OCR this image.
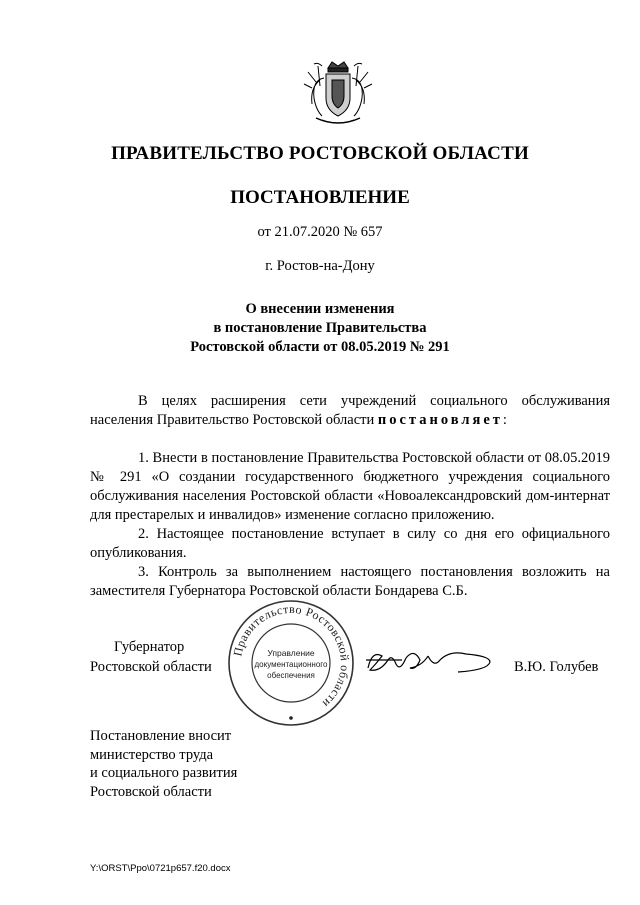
ПРАВИТЕЛЬСТВО РОСТОВСКОЙ ОБЛАСТИ
ПОСТАНОВЛЕНИЕ
от 21.07.2020 № 657
г. Ростов-на-Дону
О внесении изменения
в постановление Правительства
Ростовской области от 08.05.2019 № 291

В целях расширения сети учреждений социального обслуживания населения Правительство Ростовской области постановляет:

1. Внести в постановление Правительства Ростовской области от 08.05.2019 № 291 «О создании государственного бюджетного учреждения социального обслуживания населения Ростовской области «Новоалександровский дом-интернат для престарелых и инвалидов» изменение согласно приложению.

2. Настоящее постановление вступает в силу со дня его официального опубликования.

3. Контроль за выполнением настоящего постановления возложить на заместителя Губернатора Ростовской области Бондарева С.Б.

Губернатор
Ростовской области
Правительство Ростовской области
Управление
документационного
обеспечения
В.Ю. Голубев
Постановление вносит
министерство труда
и социального развития
Ростовской области
Y:\ORST\Ppo\0721p657.f20.docx
